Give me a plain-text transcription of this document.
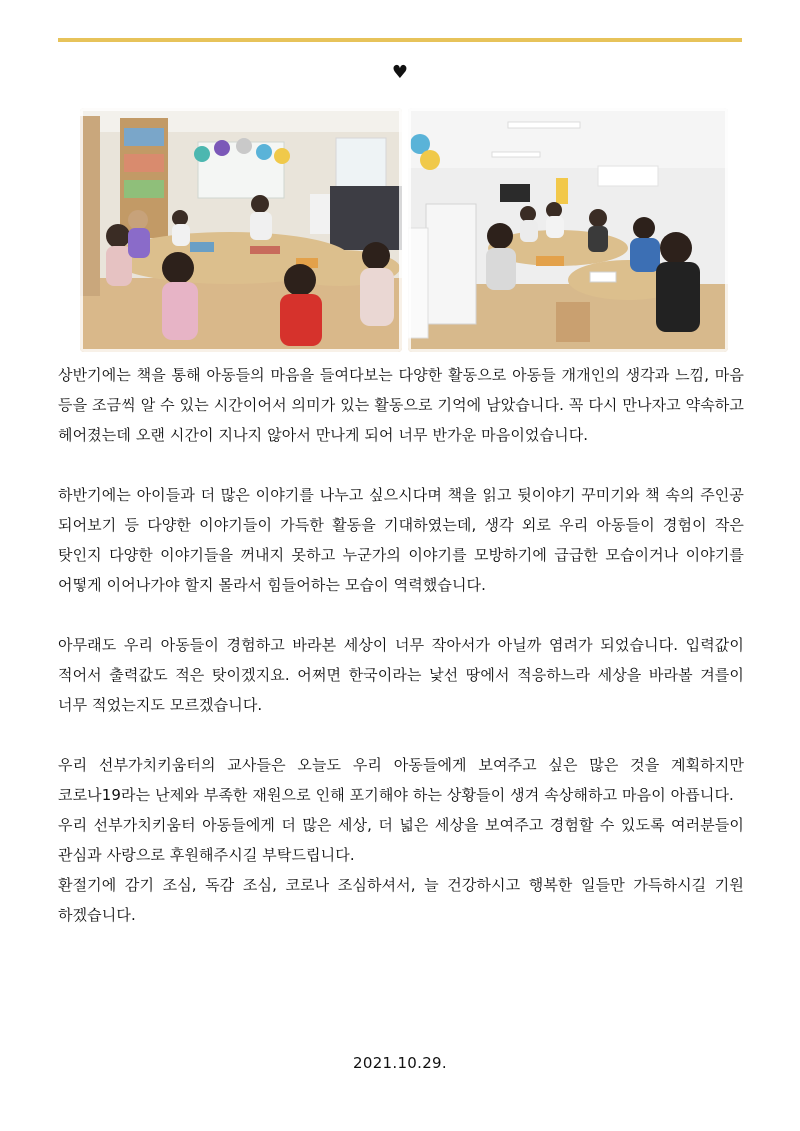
♥

상반기에는 책을 통해 아동들의 마음을 들여다보는 다양한 활동으로 아동들 개개인의 생각과 느낌, 마음 등을 조금씩 알 수 있는 시간이어서 의미가 있는 활동으로 기억에 남았습니다. 꼭 다시 만나자고 약속하고 헤어졌는데 오랜 시간이 지나지 않아서 만나게 되어 너무 반가운 마음이었습니다.

하반기에는 아이들과 더 많은 이야기를 나누고 싶으시다며 책을 읽고 뒷이야기 꾸미기와 책 속의 주인공 되어보기 등 다양한 이야기들이 가득한 활동을 기대하였는데, 생각 외로 우리 아동들이 경험이 작은 탓인지 다양한 이야기들을 꺼내지 못하고 누군가의 이야기를 모방하기에 급급한 모습이거나 이야기를 어떻게 이어나가야 할지 몰라서 힘들어하는 모습이 역력했습니다.

아무래도 우리 아동들이 경험하고 바라본 세상이 너무 작아서가 아닐까 염려가 되었습니다. 입력값이 적어서 출력값도 적은 탓이겠지요. 어쩌면 한국이라는 낯선 땅에서 적응하느라 세상을 바라볼 겨를이 너무 적었는지도 모르겠습니다.

우리 선부가치키움터의 교사들은 오늘도 우리 아동들에게 보여주고 싶은 많은 것을 계획하지만 코로나19라는 난제와 부족한 재원으로 인해 포기해야 하는 상황들이 생겨 속상해하고 마음이 아픕니다.

우리 선부가치키움터 아동들에게 더 많은 세상, 더 넓은 세상을 보여주고 경험할 수 있도록 여러분들이 관심과 사랑으로 후원해주시길 부탁드립니다.

환절기에 감기 조심, 독감 조심, 코로나 조심하셔서, 늘 건강하시고 행복한 일들만 가득하시길 기원 하겠습니다.

2021.10.29.
